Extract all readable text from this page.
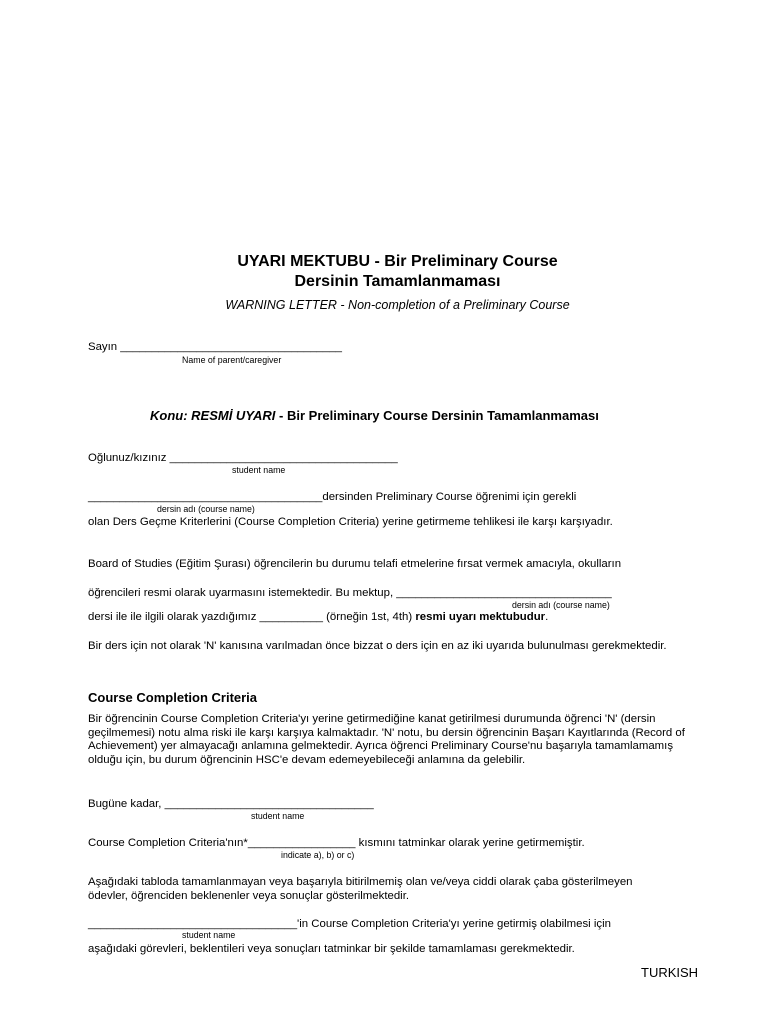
UYARI MEKTUBU - Bir Preliminary Course
Dersinin Tamamlanmaması
WARNING LETTER - Non-completion of a Preliminary Course
Sayın ___________________________________
Name of parent/caregiver
Konu: RESMİ UYARI - Bir Preliminary Course Dersinin Tamamlanmaması
Oğlunuz/kızınız ____________________________________
student name
_____________________________________dersinden Preliminary Course öğrenimi için gerekli
dersin adı (course name)
olan Ders Geçme Kriterlerini (Course Completion Criteria) yerine getirmeme tehlikesi ile karşı karşıyadır.
Board of Studies (Eğitim Şurası) öğrencilerin bu durumu telafi etmelerine fırsat vermek amacıyla, okulların
öğrencileri resmi olarak uyarmasını istemektedir. Bu mektup, __________________________________
dersin adı (course name)
dersi ile ile ilgili olarak yazdığımız __________ (örneğin 1st, 4th) resmi uyarı mektubudur.
Bir ders için not olarak 'N' kanısına varılmadan önce bizzat o ders için en az iki uyarıda bulunulması gerekmektedir.
Course Completion Criteria
Bir öğrencinin Course Completion Criteria'yı yerine getirmediğine kanat getirilmesi durumunda öğrenci 'N' (dersin geçilmemesi) notu alma riski ile karşı karşıya kalmaktadır. 'N' notu, bu dersin öğrencinin Başarı Kayıtlarında (Record of Achievement) yer almayacağı anlamına gelmektedir. Ayrıca öğrenci Preliminary Course'nu başarıyla tamamlamamış olduğu için, bu durum öğrencinin HSC'e devam edemeyebileceği anlamına da gelebilir.
Bugüne kadar, _________________________________
student name
Course Completion Criteria'nın*_________________ kısmını tatminkar olarak yerine getirmemiştir.
indicate a), b) or c)
Aşağıdaki tabloda tamamlanmayan veya başarıyla bitirilmemiş olan ve/veya ciddi olarak çaba gösterilmeyen ödevler, öğrenciden beklenenler veya sonuçlar gösterilmektedir.
_________________________________'in Course Completion Criteria'yı yerine getirmiş olabilmesi için
student name
aşağıdaki görevleri, beklentileri veya sonuçları tatminkar bir şekilde tamamlaması gerekmektedir.
TURKISH
